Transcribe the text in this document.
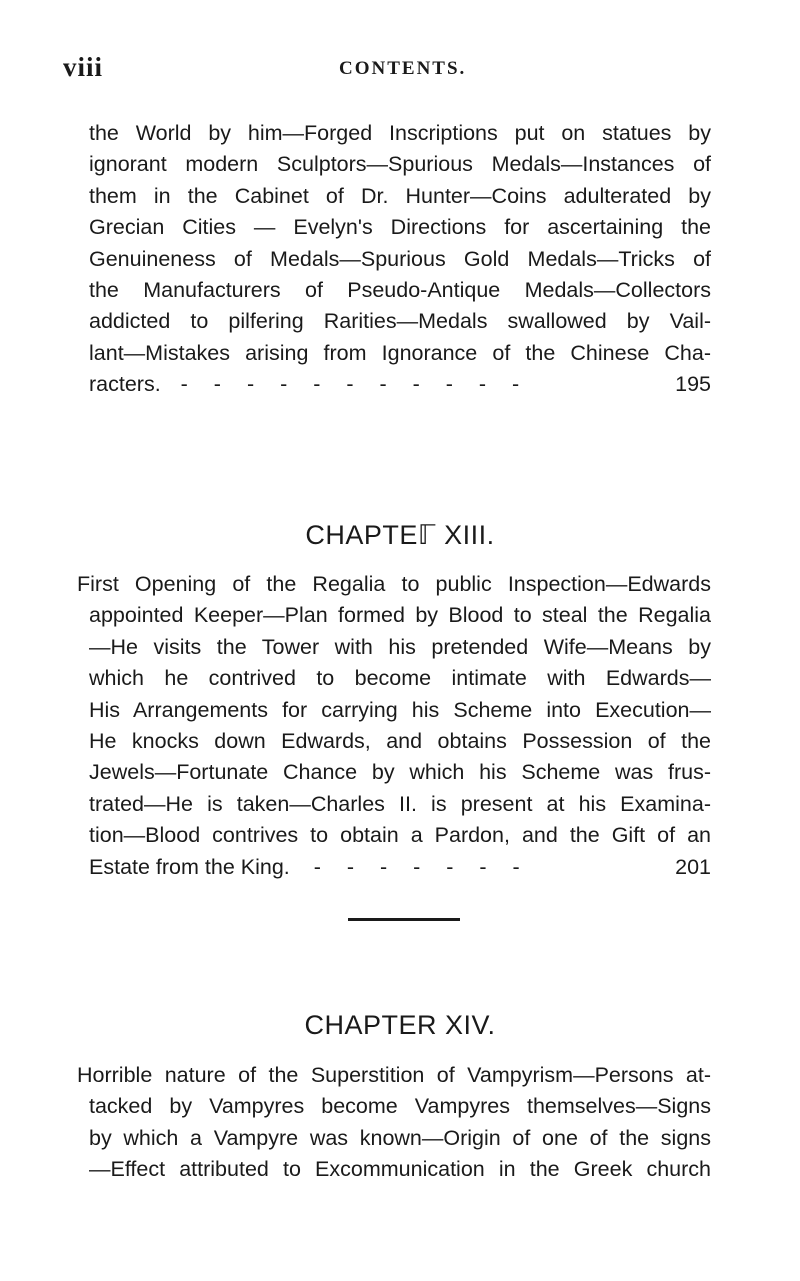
viii	CONTENTS.
the World by him—Forged Inscriptions put on statues by
ignorant modern Sculptors—Spurious Medals—Instances of
them in the Cabinet of Dr. Hunter—Coins adulterated by
Grecian Cities — Evelyn's Directions for ascertaining the
Genuineness of Medals—Spurious Gold Medals—Tricks of
the Manufacturers of Pseudo-Antique Medals—Collectors
addicted to pilfering Rarities—Medals swallowed by Vail-
lant—Mistakes arising from Ignorance of the Chinese Cha-
racters. - - - - - - - - - - -	195
CHAPTEℾ XIII.
First Opening of the Regalia to public Inspection—Edwards
appointed Keeper—Plan formed by Blood to steal the Regalia
—He visits the Tower with his pretended Wife—Means by
which he contrived to become intimate with Edwards—
His Arrangements for carrying his Scheme into Execution—
He knocks down Edwards, and obtains Possession of the
Jewels—Fortunate Chance by which his Scheme was frus-
trated—He is taken—Charles II. is present at his Examina-
tion—Blood contrives to obtain a Pardon, and the Gift of an
Estate from the King. - - - - - - -	201
CHAPTER XIV.
Horrible nature of the Superstition of Vampyrism—Persons at-
tacked by Vampyres become Vampyres themselves—Signs
by which a Vampyre was known—Origin of one of the signs
—Effect attributed to Excommunication in the Greek church
